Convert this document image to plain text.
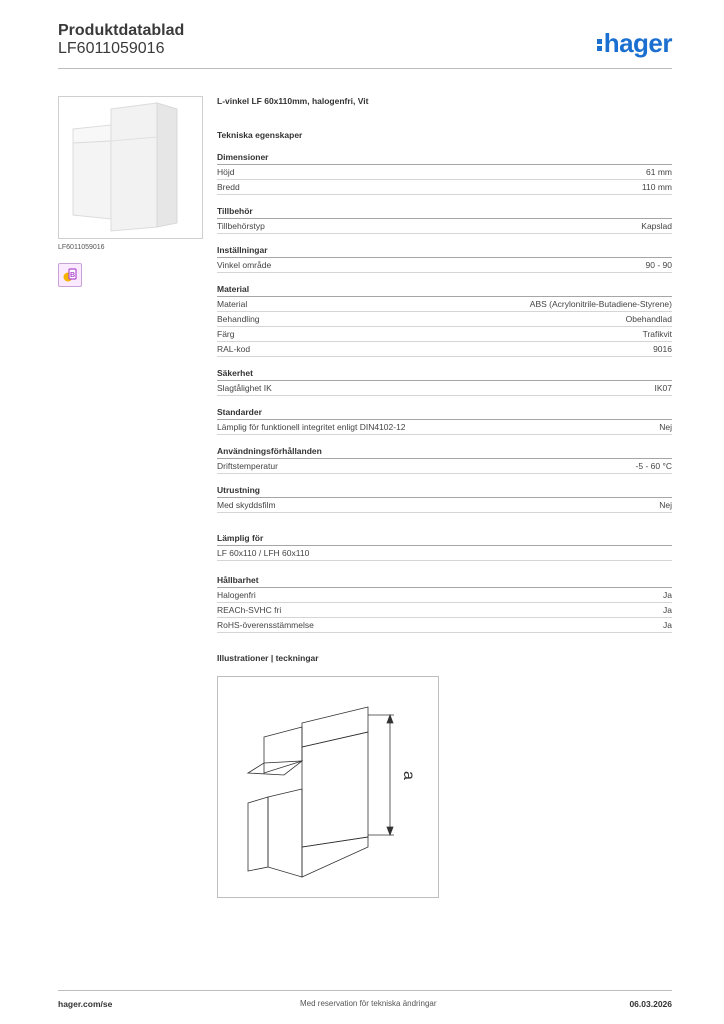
Produktdatablad
LF6011059016	hager
LF6011059016
B
L-vinkel LF 60x110mm, halogenfri, Vit
Tekniska egenskaper
Dimensioner
Höjd	61 mm
Bredd	110 mm
Tillbehör
Tillbehörstyp	Kapslad
Inställningar
Vinkel område	90 - 90
Material
Material	ABS (Acrylonitrile-Butadiene-Styrene)
Behandling	Obehandlad
Färg	Trafikvit
RAL-kod	9016
Säkerhet
Slagtålighet IK	IK07
Standarder
Lämplig för funktionell integritet enligt DIN4102-12	Nej
Användningsförhållanden
Driftstemperatur	-5 - 60 °C
Utrustning
Med skyddsfilm	Nej
Lämplig för
LF 60x110 / LFH 60x110
Hållbarhet
Halogenfri	Ja
REACh-SVHC fri	Ja
RoHS-överensstämmelse	Ja
Illustrationer | teckningar
a
hager.com/se	Med reservation för tekniska ändringar	06.03.2026
